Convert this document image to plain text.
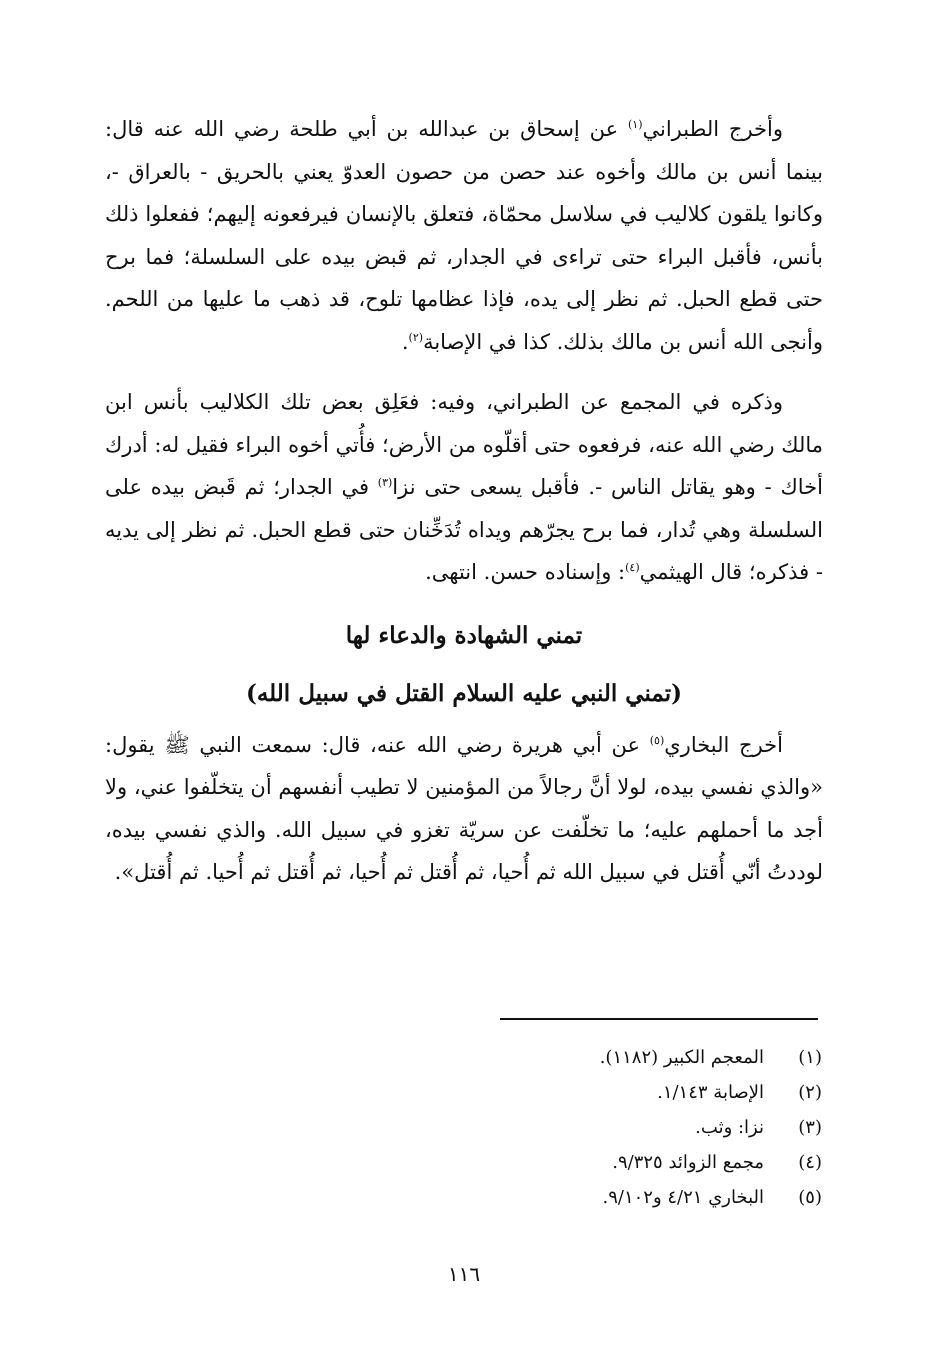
وأخرج الطبراني$^{(١)}$ عن إسحاق بن عبدالله بن أبي طلحة رضي الله عنه قال: بينما أنس بن مالك وأخوه عند حصن من حصون العدوّ يعني بالحريق - بالعراق -، وكانوا يلقون كلاليب في سلاسل محمّاة، فتعلق بالإنسان فيرفعونه إليهم؛ ففعلوا ذلك بأنس، فأقبل البراء حتى تراءى في الجدار، ثم قبض بيده على السلسلة؛ فما برح حتى قطع الحبل. ثم نظر إلى يده، فإذا عظامها تلوح، قد ذهب ما عليها من اللحم. وأنجى الله أنس بن مالك بذلك. كذا في الإصابة$^{(٢)}$.

وذكره في المجمع عن الطبراني، وفيه: فعَلِق بعض تلك الكلاليب بأنس ابن مالك رضي الله عنه، فرفعوه حتى أقلّوه من الأرض؛ فأُتي أخوه البراء فقيل له: أدرك أخاك - وهو يقاتل الناس -. فأقبل يسعى حتى نزا$^{(٣)}$ في الجدار؛ ثم قَبض بيده على السلسلة وهي تُدار، فما برح يجرّهم ويداه تُدَخِّنان حتى قطع الحبل. ثم نظر إلى يديه - فذكره؛ قال الهيثمي$^{(٤)}$: وإسناده حسن. انتهى.

تمني الشهادة والدعاء لها
(تمني النبي عليه السلام القتل في سبيل الله)

أخرج البخاري$^{(٥)}$ عن أبي هريرة رضي الله عنه، قال: سمعت النبي ﷺ يقول: «والذي نفسي بيده، لولا أنَّ رجالاً من المؤمنين لا تطيب أنفسهم أن يتخلّفوا عني، ولا أجد ما أحملهم عليه؛ ما تخلّفت عن سريّة تغزو في سبيل الله. والذي نفسي بيده، لوددتُ أنّي أُقتل في سبيل الله ثم أُحيا، ثم أُقتل ثم أُحيا، ثم أُقتل ثم أُحيا. ثم أُقتل».

(١)
المعجم الكبير (١١٨٢).
(٢)
الإصابة ١/١٤٣.
(٣)
نزا: وثب.
(٤)
مجمع الزوائد ٩/٣٢٥.
(٥)
البخاري ٤/٢١ و٩/١٠٢.
١١٦
